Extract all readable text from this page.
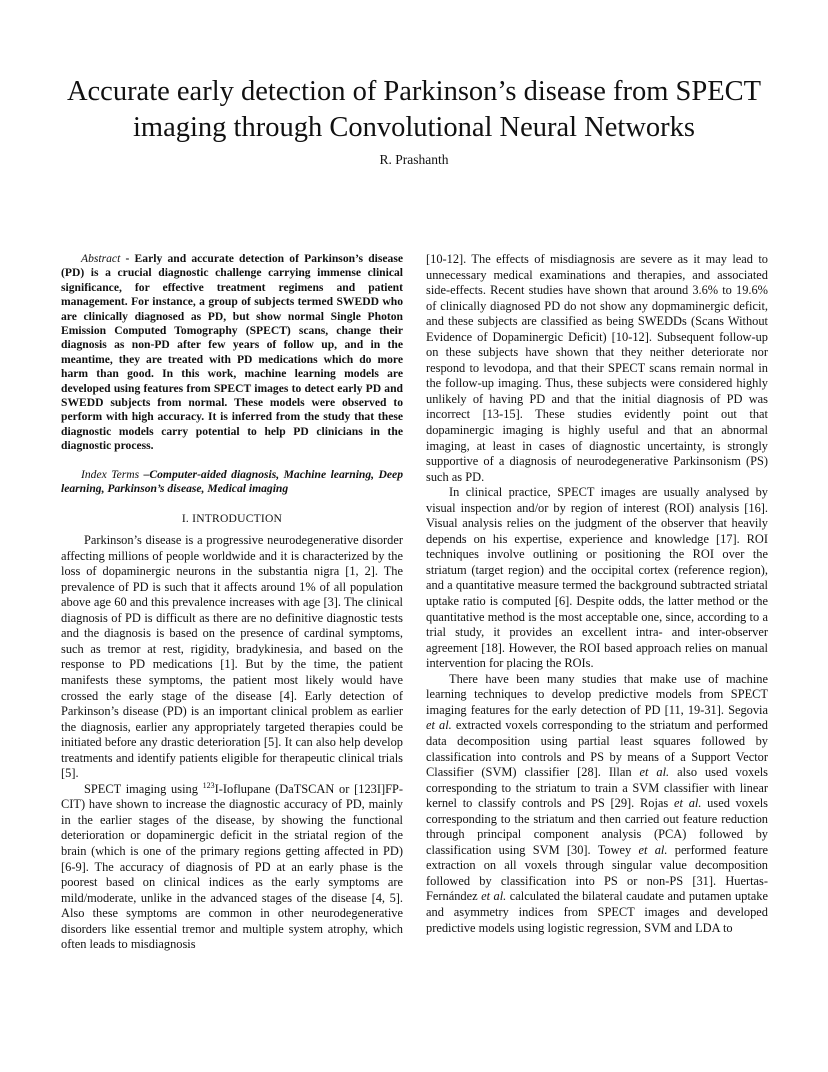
Accurate early detection of Parkinson’s disease from SPECT imaging through Convolutional Neural Networks
R. Prashanth

Abstract - Early and accurate detection of Parkinson’s disease (PD) is a crucial diagnostic challenge carrying immense clinical significance, for effective treatment regimens and patient management. For instance, a group of subjects termed SWEDD who are clinically diagnosed as PD, but show normal Single Photon Emission Computed Tomography (SPECT) scans, change their diagnosis as non-PD after few years of follow up, and in the meantime, they are treated with PD medications which do more harm than good. In this work, machine learning models are developed using features from SPECT images to detect early PD and SWEDD subjects from normal. These models were observed to perform with high accuracy. It is inferred from the study that these diagnostic models carry potential to help PD clinicians in the diagnostic process.

Index Terms –Computer-aided diagnosis, Machine learning, Deep learning, Parkinson’s disease, Medical imaging

I. INTRODUCTION

Parkinson’s disease is a progressive neurodegenerative disorder affecting millions of people worldwide and it is characterized by the loss of dopaminergic neurons in the substantia nigra [1, 2]. The prevalence of PD is such that it affects around 1% of all population above age 60 and this prevalence increases with age [3]. The clinical diagnosis of PD is difficult as there are no definitive diagnostic tests and the diagnosis is based on the presence of cardinal symptoms, such as tremor at rest, rigidity, bradykinesia, and based on the response to PD medications [1]. But by the time, the patient manifests these symptoms, the patient most likely would have crossed the early stage of the disease [4]. Early detection of Parkinson’s disease (PD) is an important clinical problem as earlier the diagnosis, earlier any appropriately targeted therapies could be initiated before any drastic deterioration [5]. It can also help develop treatments and identify patients eligible for therapeutic clinical trials [5].

SPECT imaging using $^{123}$I-Ioflupane (DaTSCAN or [123I]FP-CIT) have shown to increase the diagnostic accuracy of PD, mainly in the earlier stages of the disease, by showing the functional deterioration or dopaminergic deficit in the striatal region of the brain (which is one of the primary regions getting affected in PD) [6-9]. The accuracy of diagnosis of PD at an early phase is the poorest based on clinical indices as the early symptoms are mild/moderate, unlike in the advanced stages of the disease [4, 5]. Also these symptoms are common in other neurodegenerative disorders like essential tremor and multiple system atrophy, which often leads to misdiagnosis

[10-12]. The effects of misdiagnosis are severe as it may lead to unnecessary medical examinations and therapies, and associated side-effects. Recent studies have shown that around 3.6% to 19.6% of clinically diagnosed PD do not show any dopmaminergic deficit, and these subjects are classified as being SWEDDs (Scans Without Evidence of Dopaminergic Deficit) [10-12]. Subsequent follow-up on these subjects have shown that they neither deteriorate nor respond to levodopa, and that their SPECT scans remain normal in the follow-up imaging. Thus, these subjects were considered highly unlikely of having PD and that the initial diagnosis of PD was incorrect [13-15]. These studies evidently point out that dopaminergic imaging is highly useful and that an abnormal imaging, at least in cases of diagnostic uncertainty, is strongly supportive of a diagnosis of neurodegenerative Parkinsonism (PS) such as PD.

In clinical practice, SPECT images are usually analysed by visual inspection and/or by region of interest (ROI) analysis [16]. Visual analysis relies on the judgment of the observer that heavily depends on his expertise, experience and knowledge [17]. ROI techniques involve outlining or positioning the ROI over the striatum (target region) and the occipital cortex (reference region), and a quantitative measure termed the background subtracted striatal uptake ratio is computed [6]. Despite odds, the latter method or the quantitative method is the most acceptable one, since, according to a trial study, it provides an excellent intra- and inter-observer agreement [18]. However, the ROI based approach relies on manual intervention for placing the ROIs.

There have been many studies that make use of machine learning techniques to develop predictive models from SPECT imaging features for the early detection of PD [11, 19-31]. Segovia et al. extracted voxels corresponding to the striatum and performed data decomposition using partial least squares followed by classification into controls and PS by means of a Support Vector Classifier (SVM) classifier [28]. Illan et al. also used voxels corresponding to the striatum to train a SVM classifier with linear kernel to classify controls and PS [29]. Rojas et al. used voxels corresponding to the striatum and then carried out feature reduction through principal component analysis (PCA) followed by classification using SVM [30]. Towey et al. performed feature extraction on all voxels through singular value decomposition followed by classification into PS or non-PS [31]. Huertas-Fernández et al. calculated the bilateral caudate and putamen uptake and asymmetry indices from SPECT images and developed predictive models using logistic regression, SVM and LDA to
